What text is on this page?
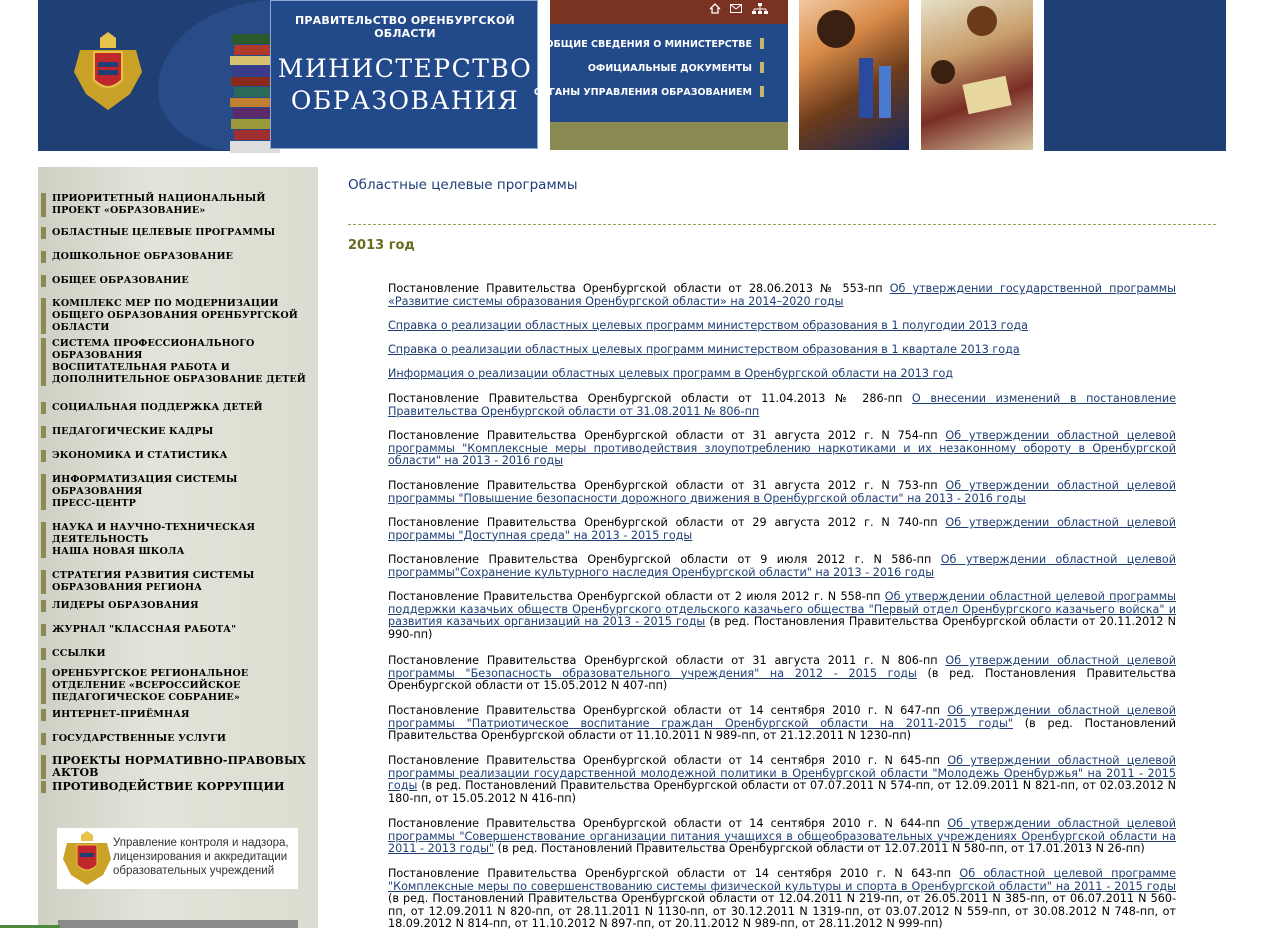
ПРАВИТЕЛЬСТВО ОРЕНБУРГСКОЙ ОБЛАСТИ
МИНИСТЕРСТВО
ОБРАЗОВАНИЯ
ОБЩИЕ СВЕДЕНИЯ О МИНИСТЕРСТВЕ
ОФИЦИАЛЬНЫЕ ДОКУМЕНТЫ
ОРГАНЫ УПРАВЛЕНИЯ ОБРАЗОВАНИЕМ
ПРИОРИТЕТНЫЙ НАЦИОНАЛЬНЫЙ ПРОЕКТ «ОБРАЗОВАНИЕ»
ОБЛАСТНЫЕ ЦЕЛЕВЫЕ ПРОГРАММЫ
ДОШКОЛЬНОЕ ОБРАЗОВАНИЕ
ОБЩЕЕ ОБРАЗОВАНИЕ
КОМПЛЕКС МЕР ПО МОДЕРНИЗАЦИИ ОБЩЕГО ОБРАЗОВАНИЯ ОРЕНБУРГСКОЙ ОБЛАСТИ
СИСТЕМА ПРОФЕССИОНАЛЬНОГО ОБРАЗОВАНИЯ
ВОСПИТАТЕЛЬНАЯ РАБОТА И ДОПОЛНИТЕЛЬНОЕ ОБРАЗОВАНИЕ ДЕТЕЙ
СОЦИАЛЬНАЯ ПОДДЕРЖКА ДЕТЕЙ
ПЕДАГОГИЧЕСКИЕ КАДРЫ
ЭКОНОМИКА И СТАТИСТИКА
ИНФОРМАТИЗАЦИЯ СИСТЕМЫ ОБРАЗОВАНИЯ
ПРЕСС-ЦЕНТР
НАУКА И НАУЧНО-ТЕХНИЧЕСКАЯ ДЕЯТЕЛЬНОСТЬ
НАША НОВАЯ ШКОЛА
СТРАТЕГИЯ РАЗВИТИЯ СИСТЕМЫ ОБРАЗОВАНИЯ РЕГИОНА
ЛИДЕРЫ ОБРАЗОВАНИЯ
ЖУРНАЛ "КЛАССНАЯ РАБОТА"
ССЫЛКИ
ОРЕНБУРГСКОЕ РЕГИОНАЛЬНОЕ ОТДЕЛЕНИЕ «ВСЕРОССИЙСКОЕ ПЕДАГОГИЧЕСКОЕ СОБРАНИЕ»
ИНТЕРНЕТ-ПРИЁМНАЯ
ГОСУДАРСТВЕННЫЕ УСЛУГИ
ПРОЕКТЫ НОРМАТИВНО-ПРАВОВЫХ АКТОВ
ПРОТИВОДЕЙСТВИЕ КОРРУПЦИИ
Управление контроля и надзора, лицензирования и аккредитации образовательных учреждений
Областные целевые программы
2013 год
Постановление Правительства Оренбургской области от 28.06.2013 № 553-пп Об утверждении государственной программы «Развитие системы образования Оренбургской области» на 2014–2020 годы
Справка о реализации областных целевых программ министерством образования в 1 полугодии 2013 года
Справка о реализации областных целевых программ министерством образования в 1 квартале 2013 года
Информация о реализации областных целевых программ в Оренбургской области на 2013 год
Постановление Правительства Оренбургской области от 11.04.2013 № 286-пп О внесении изменений в постановление Правительства Оренбургской области от 31.08.2011 № 806-пп
Постановление Правительства Оренбургской области от 31 августа 2012 г. N 754-пп Об утверждении областной целевой программы "Комплексные меры противодействия злоупотреблению наркотиками и их незаконному обороту в Оренбургской области" на 2013 - 2016 годы
Постановление Правительства Оренбургской области от 31 августа 2012 г. N 753-пп Об утверждении областной целевой программы "Повышение безопасности дорожного движения в Оренбургской области" на 2013 - 2016 годы
Постановление Правительства Оренбургской области от 29 августа 2012 г. N 740-пп Об утверждении областной целевой программы "Доступная среда" на 2013 - 2015 годы
Постановление Правительства Оренбургской области от 9 июля 2012 г. N 586-пп Об утверждении областной целевой программы"Сохранение культурного наследия Оренбургской области" на 2013 - 2016 годы
Постановление Правительства Оренбургской области от 2 июля 2012 г. N 558-пп Об утверждении областной целевой программы поддержки казачьих обществ Оренбургского отдельского казачьего общества "Первый отдел Оренбургского казачьего войска" и развития казачьих организаций на 2013 - 2015 годы (в ред. Постановления Правительства Оренбургской области от 20.11.2012 N 990-пп)
Постановление Правительства Оренбургской области от 31 августа 2011 г. N 806-пп Об утверждении областной целевой программы "Безопасность образовательного учреждения" на 2012 - 2015 годы (в ред. Постановления Правительства Оренбургской области от 15.05.2012 N 407-пп)
Постановление Правительства Оренбургской области от 14 сентября 2010 г. N 647-пп Об утверждении областной целевой программы "Патриотическое воспитание граждан Оренбургской области на 2011-2015 годы" (в ред. Постановлений Правительства Оренбургской области от 11.10.2011 N 989-пп, от 21.12.2011 N 1230-пп)
Постановление Правительства Оренбургской области от 14 сентября 2010 г. N 645-пп Об утверждении областной целевой программы реализации государственной молодежной политики в Оренбургской области "Молодежь Оренбуржья" на 2011 - 2015 годы (в ред. Постановлений Правительства Оренбургской области от 07.07.2011 N 574-пп, от 12.09.2011 N 821-пп, от 02.03.2012 N 180-пп, от 15.05.2012 N 416-пп)
Постановление Правительства Оренбургской области от 14 сентября 2010 г. N 644-пп Об утверждении областной целевой программы "Совершенствование организации питания учащихся в общеобразовательных учреждениях Оренбургской области на 2011 - 2013 годы" (в ред. Постановлений Правительства Оренбургской области от 12.07.2011 N 580-пп, от 17.01.2013 N 26-пп)
Постановление Правительства Оренбургской области от 14 сентября 2010 г. N 643-пп Об областной целевой программе "Комплексные меры по совершенствованию системы физической культуры и спорта в Оренбургской области" на 2011 - 2015 годы (в ред. Постановлений Правительства Оренбургской области от 12.04.2011 N 219-пп, от 26.05.2011 N 385-пп, от 06.07.2011 N 560-пп, от 12.09.2011 N 820-пп, от 28.11.2011 N 1130-пп, от 30.12.2011 N 1319-пп, от 03.07.2012 N 559-пп, от 30.08.2012 N 748-пп, от 18.09.2012 N 814-пп, от 11.10.2012 N 897-пп, от 20.11.2012 N 989-пп, от 28.11.2012 N 999-пп)
